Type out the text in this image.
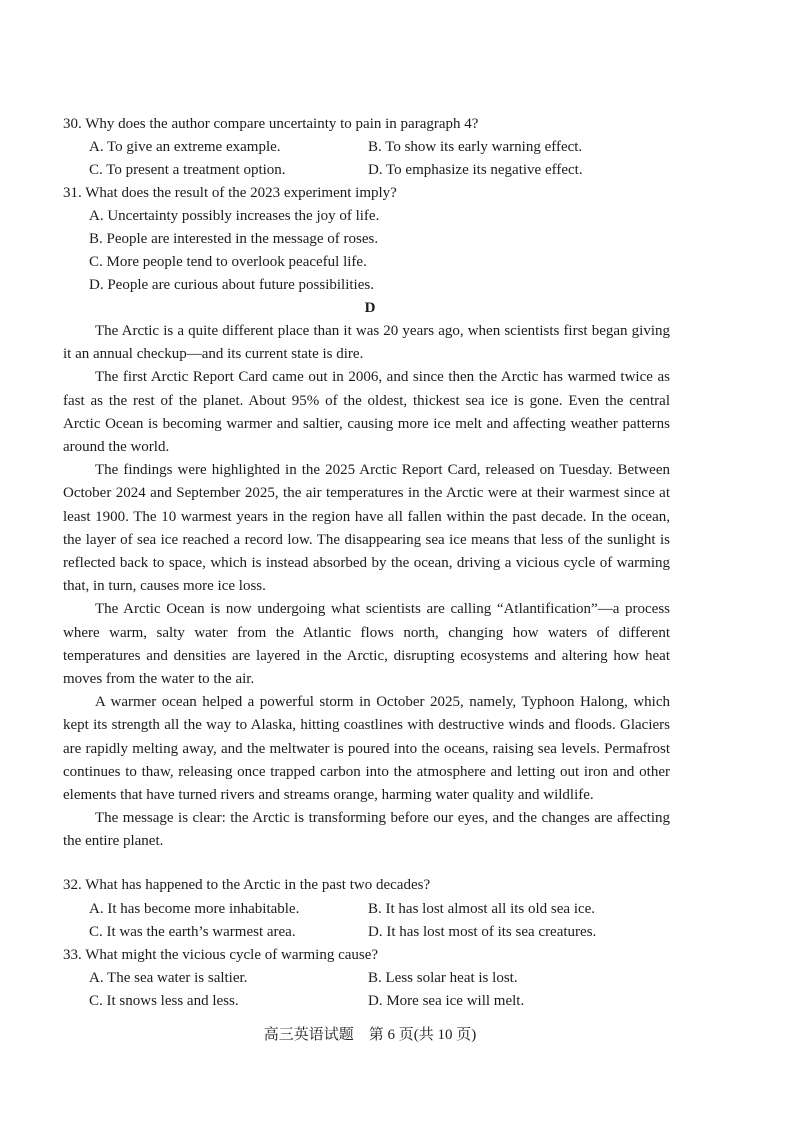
30. Why does the author compare uncertainty to pain in paragraph 4?
A. To give an extreme example.	B. To show its early warning effect.
C. To present a treatment option.	D. To emphasize its negative effect.
31. What does the result of the 2023 experiment imply?
A. Uncertainty possibly increases the joy of life.
B. People are interested in the message of roses.
C. More people tend to overlook peaceful life.
D. People are curious about future possibilities.
D

The Arctic is a quite different place than it was 20 years ago, when scientists first began giving it an annual checkup—and its current state is dire.

The first Arctic Report Card came out in 2006, and since then the Arctic has warmed twice as fast as the rest of the planet. About 95% of the oldest, thickest sea ice is gone. Even the central Arctic Ocean is becoming warmer and saltier, causing more ice melt and affecting weather patterns around the world.

The findings were highlighted in the 2025 Arctic Report Card, released on Tuesday. Between October 2024 and September 2025, the air temperatures in the Arctic were at their warmest since at least 1900. The 10 warmest years in the region have all fallen within the past decade. In the ocean, the layer of sea ice reached a record low. The disappearing sea ice means that less of the sunlight is reflected back to space, which is instead absorbed by the ocean, driving a vicious cycle of warming that, in turn, causes more ice loss.

The Arctic Ocean is now undergoing what scientists are calling “Atlantification”—a process where warm, salty water from the Atlantic flows north, changing how waters of different temperatures and densities are layered in the Arctic, disrupting ecosystems and altering how heat moves from the water to the air.

A warmer ocean helped a powerful storm in October 2025, namely, Typhoon Halong, which kept its strength all the way to Alaska, hitting coastlines with destructive winds and floods. Glaciers are rapidly melting away, and the meltwater is poured into the oceans, raising sea levels. Permafrost continues to thaw, releasing once trapped carbon into the atmosphere and letting out iron and other elements that have turned rivers and streams orange, harming water quality and wildlife.

The message is clear: the Arctic is transforming before our eyes, and the changes are affecting the entire planet.

32. What has happened to the Arctic in the past two decades?
A. It has become more inhabitable.	B. It has lost almost all its old sea ice.
C. It was the earth’s warmest area.	D. It has lost most of its sea creatures.
33. What might the vicious cycle of warming cause?
A. The sea water is saltier.	B. Less solar heat is lost.
C. It snows less and less.	D. More sea ice will melt.
高三英语试题　第 6 页(共 10 页)
